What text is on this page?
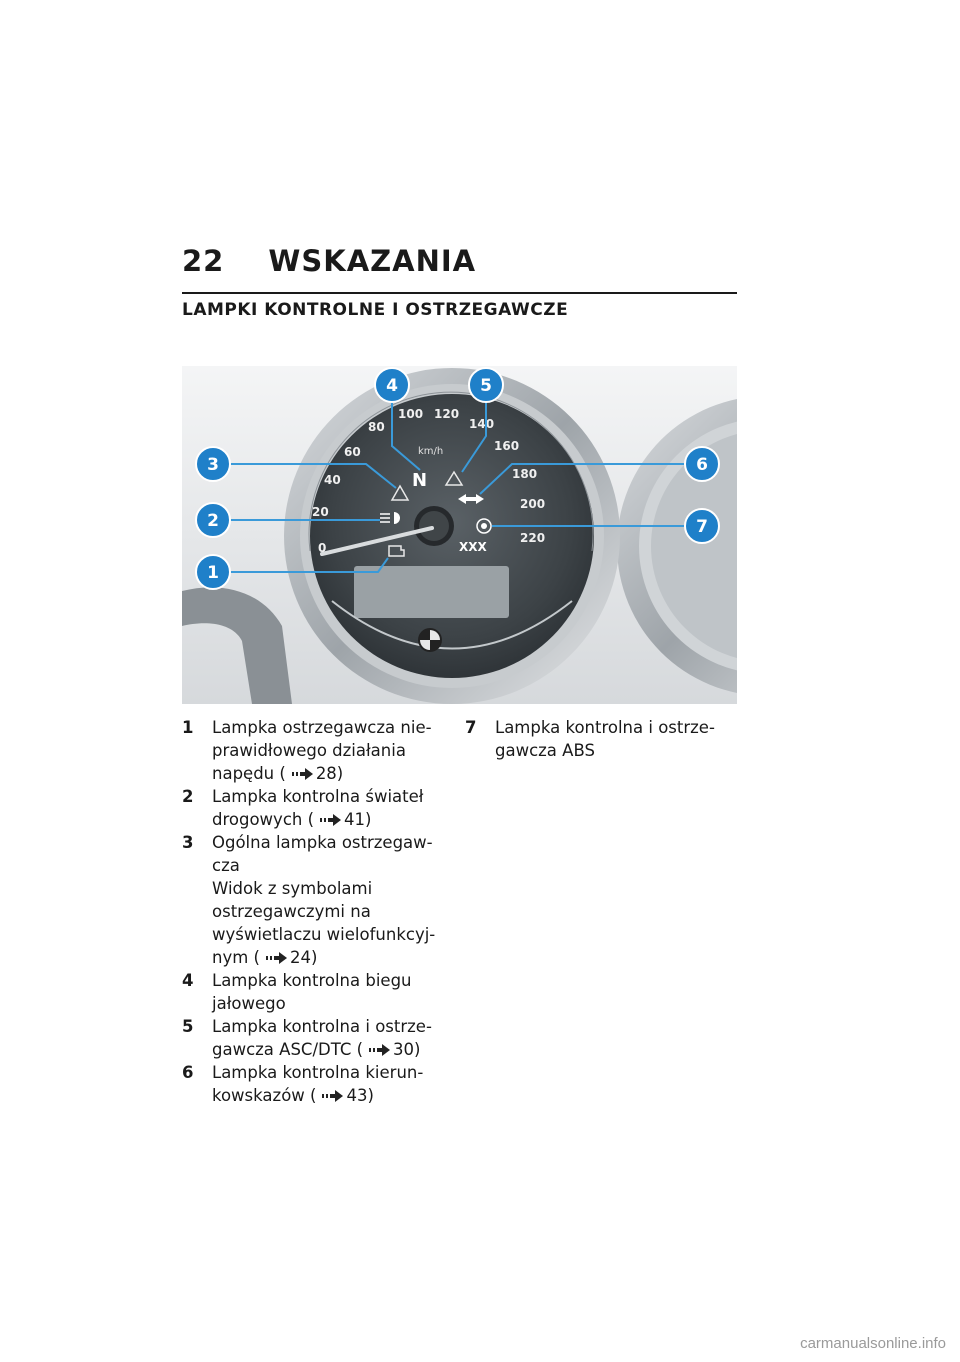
22 WSKAZANIA
LAMPKI KONTROLNE I OSTRZEGAWCZE
0
20
40
60
80
100 120
140
160
180
200
220
km/h
N
XXX
1
2
3
4	5
6
7
1	Lampka ostrzegawcza nie-
prawidłowego działania
napędu ( 28)
2	Lampka kontrolna świateł
drogowych ( 41)
3	Ogólna lampka ostrzegaw-
cza
Widok z symbolami
ostrzegawczymi na
wyświetlaczu wielofunkcyj-
nym ( 24)
4	Lampka kontrolna biegu
jałowego
5	Lampka kontrolna i ostrze-
gawcza ASC/DTC ( 30)
6	Lampka kontrolna kierun-
kowskazów ( 43)
7	Lampka kontrolna i ostrze-
gawcza ABS
carmanualsonline.info
